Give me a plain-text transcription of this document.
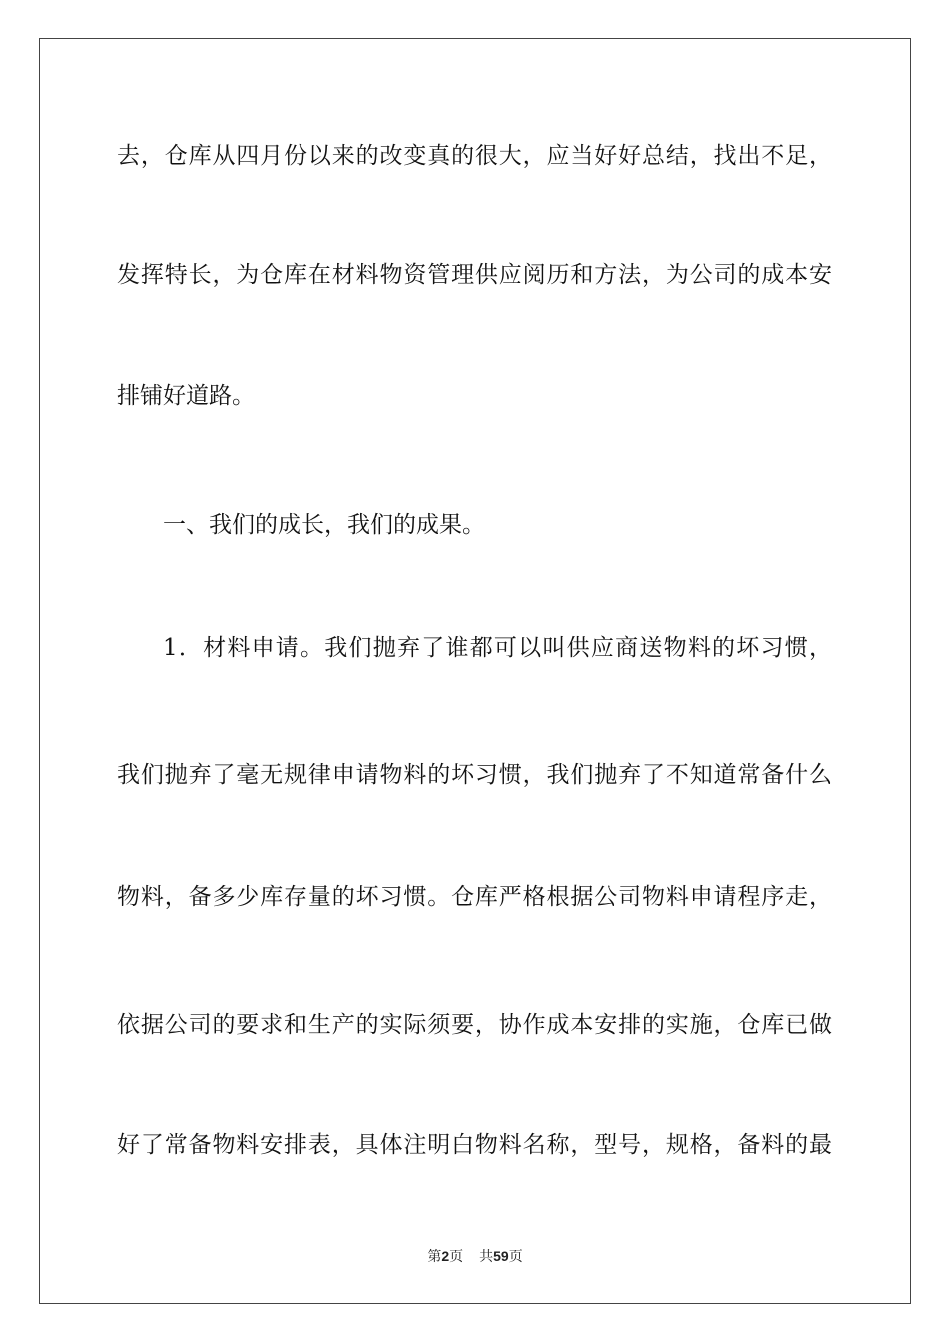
去，仓库从四月份以来的改变真的很大，应当好好总结，找出不足，
发挥特长，为仓库在材料物资管理供应阅历和方法，为公司的成本安
排铺好道路。
一、我们的成长，我们的成果。
1．材料申请。我们抛弃了谁都可以叫供应商送物料的坏习惯，
我们抛弃了毫无规律申请物料的坏习惯，我们抛弃了不知道常备什么
物料，备多少库存量的坏习惯。仓库严格根据公司物料申请程序走，
依据公司的要求和生产的实际须要，协作成本安排的实施，仓库已做
好了常备物料安排表，具体注明白物料名称，型号，规格，备料的最
第2页 共59页
